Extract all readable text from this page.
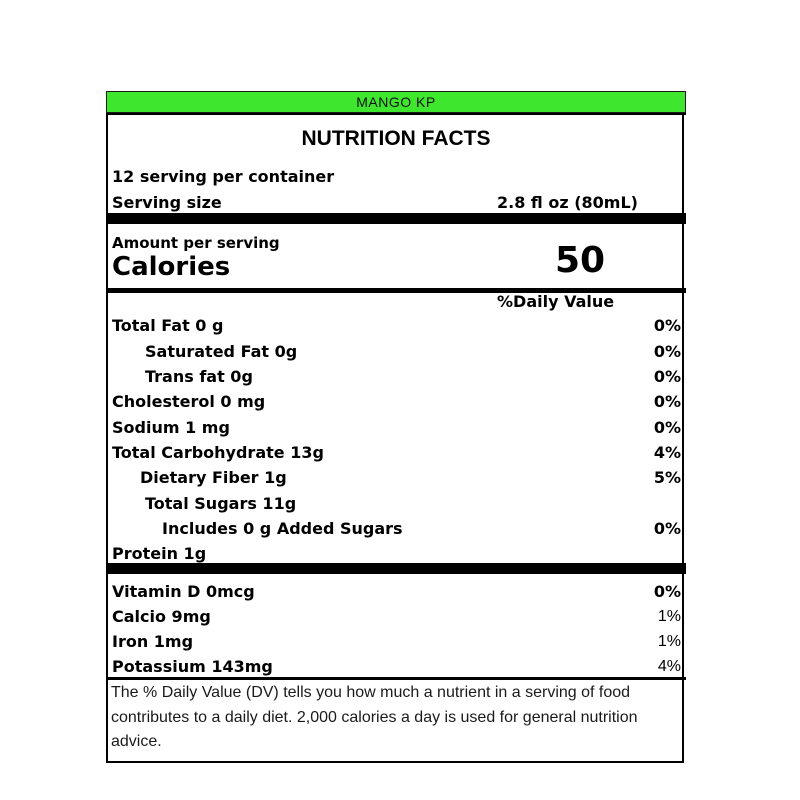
MANGO KP
NUTRITION FACTS
12 serving per container
Serving size	2.8 fl oz (80mL)
Amount per serving
Calories	50
%Daily Value
Total Fat 0 g	0%
Saturated Fat 0g	0%
Trans fat 0g	0%
Cholesterol 0 mg	0%
Sodium 1 mg	0%
Total Carbohydrate 13g	4%
Dietary Fiber 1g	5%
Total Sugars 11g
Includes 0 g Added Sugars	0%
Protein 1g
Vitamin D 0mcg	0%
Calcio 9mg	1%
Iron 1mg	1%
Potassium 143mg	4%
The % Daily Value (DV) tells you how much a nutrient in a serving of food contributes to a daily diet. 2,000 calories a day is used for general nutrition advice.
